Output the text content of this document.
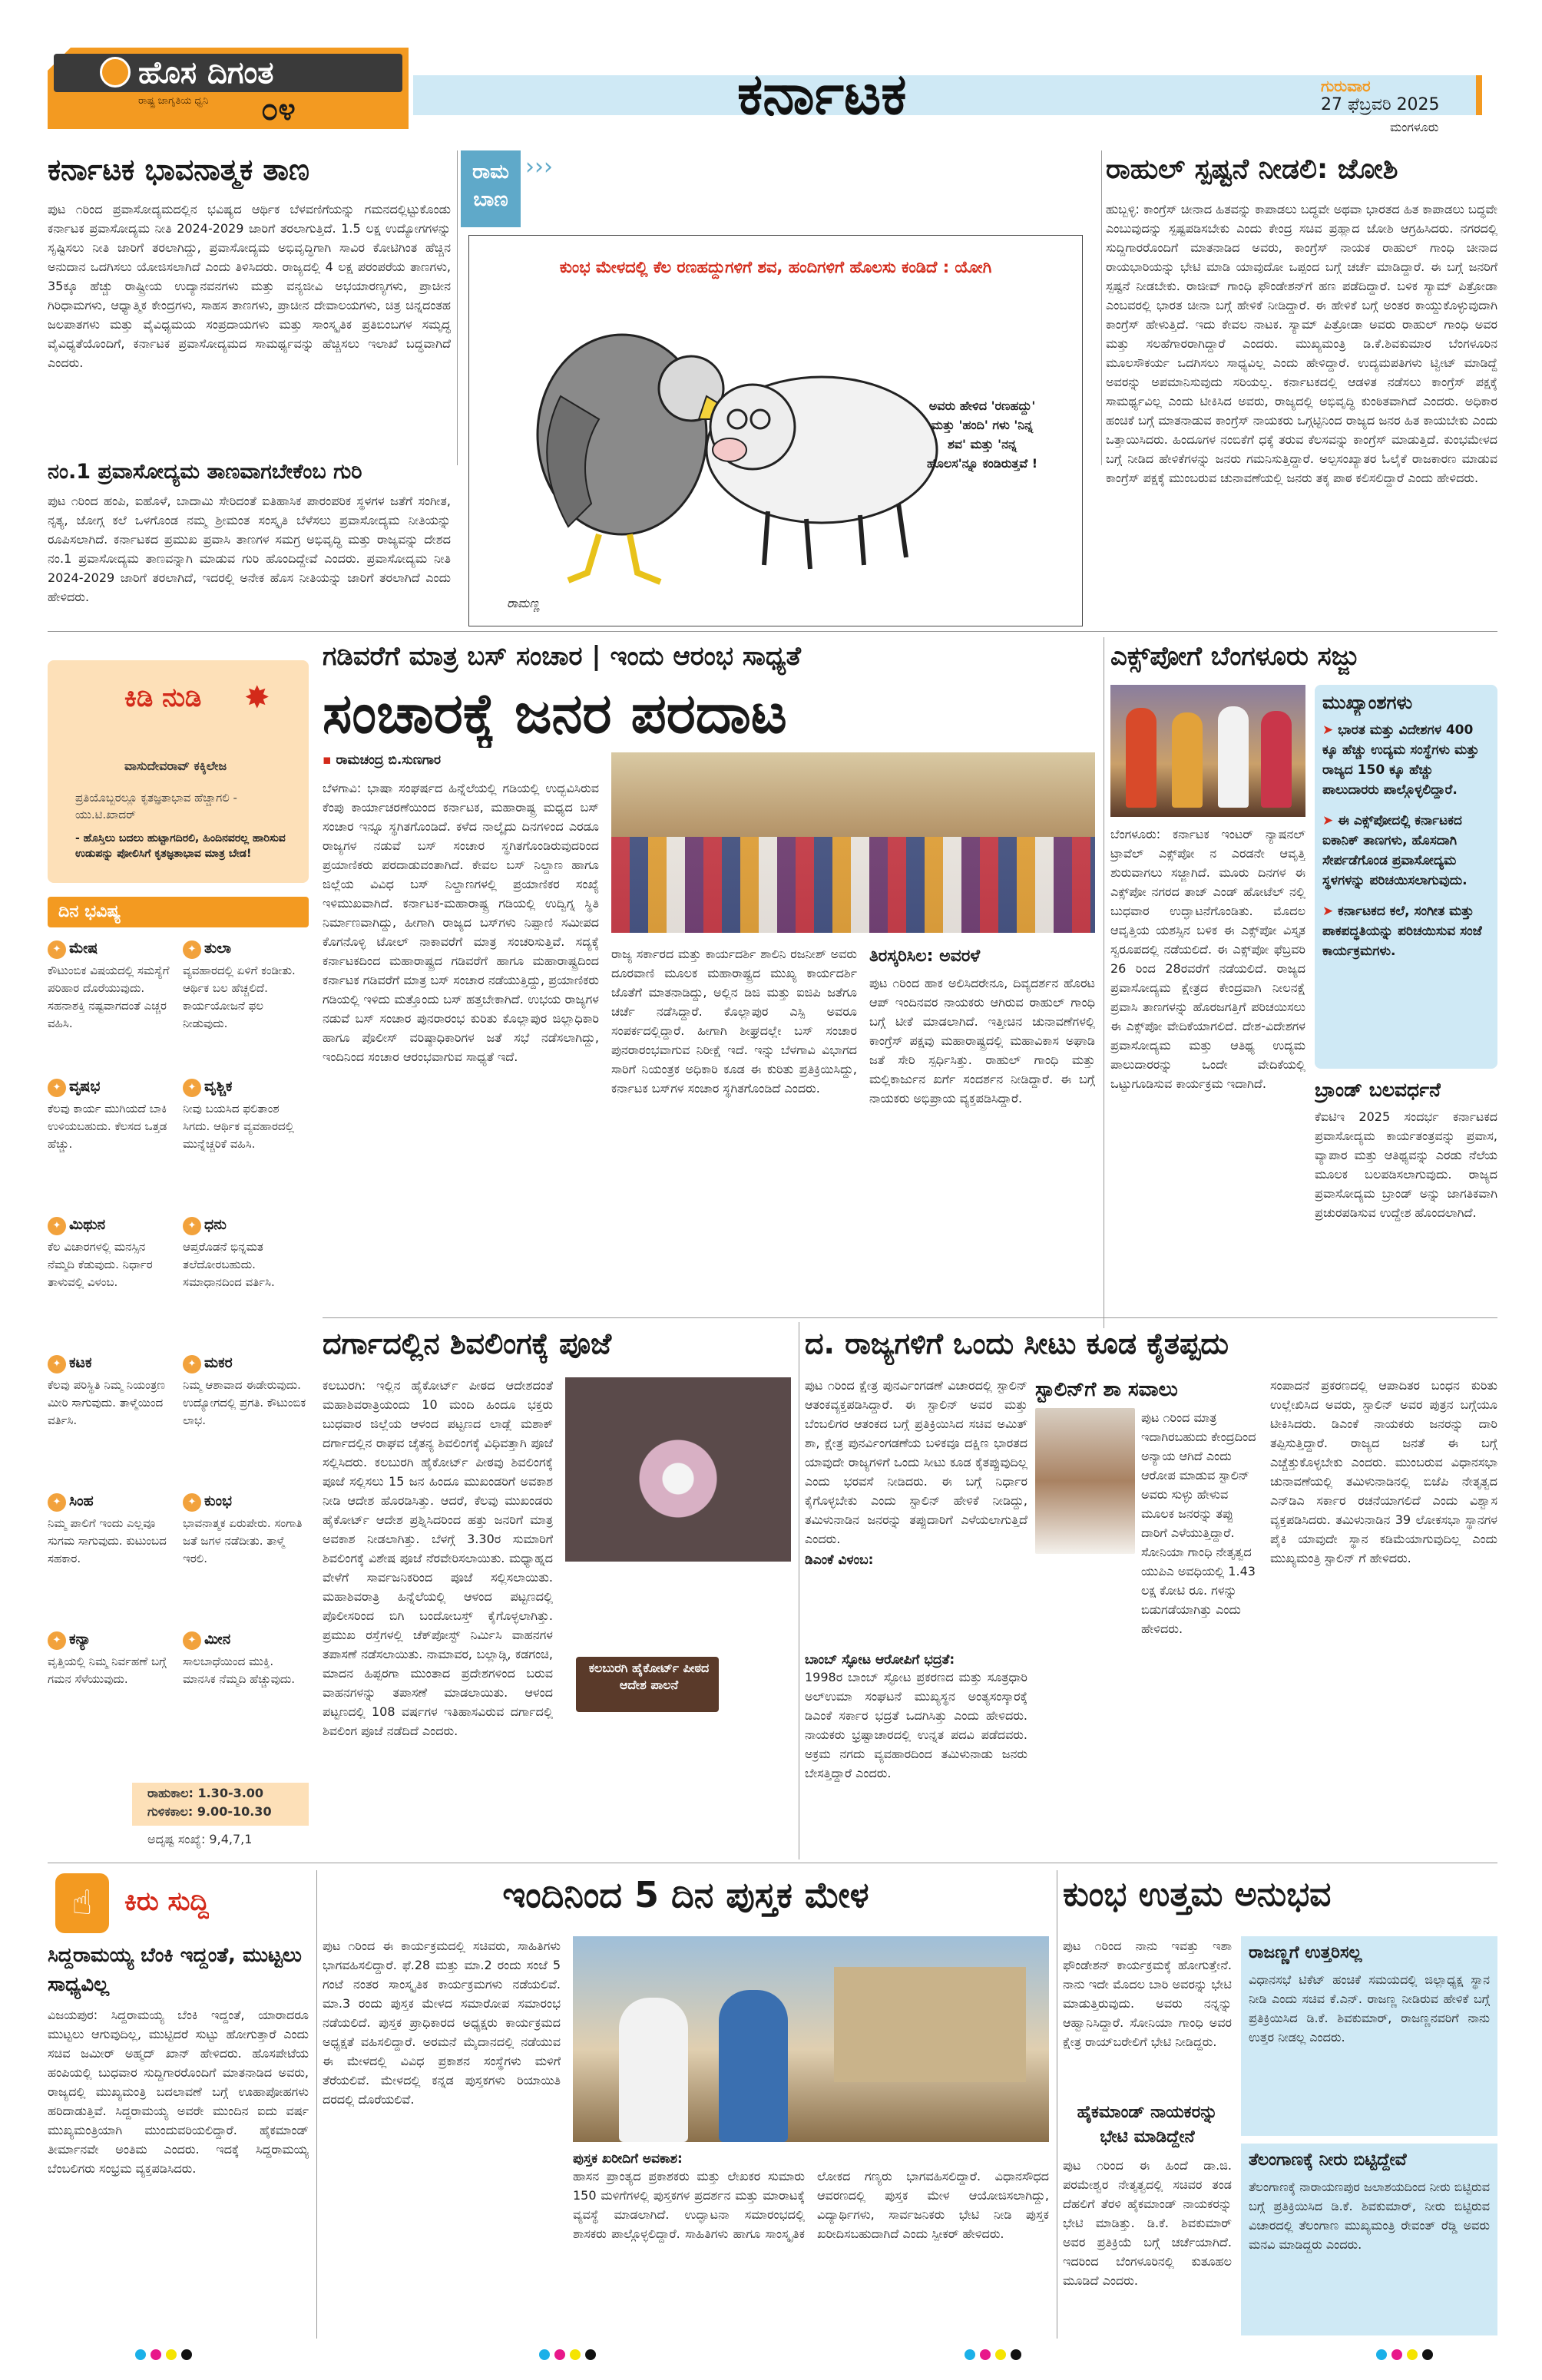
ಹೊಸ ದಿಗಂತ
ರಾಷ್ಟ್ರ ಜಾಗೃತಿಯ ಧ್ವನಿ ೦೪	ಕರ್ನಾಟಕ	ಗುರುವಾರ
27 ಫೆಬ್ರವರಿ 2025
ಮಂಗಳೂರು
ಕರ್ನಾಟಕ ಭಾವನಾತ್ಮಕ ತಾಣ
ಪುಟ ೧ರಿಂದ ಪ್ರವಾಸೋದ್ಯಮದಲ್ಲಿನ ಭವಿಷ್ಯದ ಆರ್ಥಿಕ ಬೆಳವಣಿಗೆಯನ್ನು ಗಮನದಲ್ಲಿಟ್ಟುಕೊಂಡು ಕರ್ನಾಟಕ ಪ್ರವಾಸೋದ್ಯಮ ನೀತಿ 2024-2029 ಜಾರಿಗೆ ತರಲಾಗುತ್ತಿದೆ. 1.5 ಲಕ್ಷ ಉದ್ಯೋಗಗಳನ್ನು ಸೃಷ್ಟಿಸಲು ನೀತಿ ಜಾರಿಗೆ ತರಲಾಗಿದ್ದು, ಪ್ರವಾಸೋದ್ಯಮ ಅಭಿವೃದ್ಧಿಗಾಗಿ ಸಾವಿರ ಕೋಟಿಗಿಂತ ಹೆಚ್ಚಿನ ಅನುದಾನ ಒದಗಿಸಲು ಯೋಜಿಸಲಾಗಿದೆ ಎಂದು ತಿಳಿಸಿದರು. ರಾಜ್ಯದಲ್ಲಿ 4 ಲಕ್ಷ ಪರಂಪರೆಯ ತಾಣಗಳು, 35ಕ್ಕೂ ಹೆಚ್ಚು ರಾಷ್ಟ್ರೀಯ ಉದ್ಯಾನವನಗಳು ಮತ್ತು ವನ್ಯಜೀವಿ ಅಭಯಾರಣ್ಯಗಳು, ಪ್ರಾಚೀನ ಗಿರಿಧಾಮಗಳು, ಆಧ್ಯಾತ್ಮಿಕ ಕೇಂದ್ರಗಳು, ಸಾಹಸ ತಾಣಗಳು, ಪ್ರಾಚೀನ ದೇವಾಲಯಗಳು, ಚಿತ್ರ ಚಿನ್ನದಂತಹ ಜಲಪಾತಗಳು ಮತ್ತು ವೈವಿಧ್ಯಮಯ ಸಂಪ್ರದಾಯಗಳು ಮತ್ತು ಸಾಂಸ್ಕೃತಿಕ ಪ್ರತಿಬಿಂಬಗಳ ಸಮೃದ್ಧ ವೈವಿಧ್ಯತೆಯೊಂದಿಗೆ, ಕರ್ನಾಟಕ ಪ್ರವಾಸೋದ್ಯಮದ ಸಾಮರ್ಥ್ಯವನ್ನು ಹೆಚ್ಚಿಸಲು ಇಲಾಖೆ ಬದ್ಧವಾಗಿದೆ ಎಂದರು.
ನಂ.1 ಪ್ರವಾಸೋದ್ಯಮ ತಾಣವಾಗಬೇಕೆಂಬ ಗುರಿ
ಪುಟ ೧ರಿಂದ ಹಂಪಿ, ಐಹೊಳೆ, ಬಾದಾಮಿ ಸೇರಿದಂತೆ ಐತಿಹಾಸಿಕ ಪಾರಂಪರಿಕ ಸ್ಥಳಗಳ ಜತೆಗೆ ಸಂಗೀತ, ನೃತ್ಯ, ಜೋಗ್ಗ ಕಲೆ ಒಳಗೊಂಡ ನಮ್ಮ ಶ್ರೀಮಂತ ಸಂಸ್ಕೃತಿ ಬೆಳೆಸಲು ಪ್ರವಾಸೋದ್ಯಮ ನೀತಿಯನ್ನು ರೂಪಿಸಲಾಗಿದೆ. ಕರ್ನಾಟಕದ ಪ್ರಮುಖ ಪ್ರವಾಸಿ ತಾಣಗಳ ಸಮಗ್ರ ಅಭಿವೃದ್ಧಿ ಮತ್ತು ರಾಜ್ಯವನ್ನು ದೇಶದ ನಂ.1 ಪ್ರವಾಸೋದ್ಯಮ ತಾಣವನ್ನಾಗಿ ಮಾಡುವ ಗುರಿ ಹೊಂದಿದ್ದೇವೆ ಎಂದರು. ಪ್ರವಾಸೋದ್ಯಮ ನೀತಿ 2024-2029 ಜಾರಿಗೆ ತರಲಾಗಿದೆ, ಇದರಲ್ಲಿ ಅನೇಕ ಹೊಸ ನೀತಿಯನ್ನು ಜಾರಿಗೆ ತರಲಾಗಿದೆ ಎಂದು ಹೇಳಿದರು.
ರಾಮ ಬಾಣ
›››
ಕುಂಭ ಮೇಳದಲ್ಲಿ ಕೆಲ ರಣಹದ್ದುಗಳಿಗೆ ಶವ, ಹಂದಿಗಳಿಗೆ ಹೊಲಸು ಕಂಡಿದೆ : ಯೋಗಿ
ಅವರು ಹೇಳಿದ 'ರಣಹದ್ದು' ಮತ್ತು 'ಹಂದಿ' ಗಳು 'ನಿನ್ನ ಶವ' ಮತ್ತು 'ನನ್ನ ಹೊಲಸ'ನ್ನೂ ಕಂಡಿರುತ್ತವೆ !
ರಾಮಣ್ಣ
ರಾಹುಲ್ ಸ್ಪಷ್ಟನೆ ನೀಡಲಿ: ಜೋಶಿ
ಹುಬ್ಬಳ್ಳಿ: ಕಾಂಗ್ರೆಸ್ ಚೀನಾದ ಹಿತವನ್ನು ಕಾಪಾಡಲು ಬದ್ಧವೇ ಅಥವಾ ಭಾರತದ ಹಿತ ಕಾಪಾಡಲು ಬದ್ಧವೇ ಎಂಬುವುದನ್ನು ಸ್ಪಷ್ಟಪಡಿಸಬೇಕು ಎಂದು ಕೇಂದ್ರ ಸಚಿವ ಪ್ರಹ್ಲಾದ ಜೋಶಿ ಆಗ್ರಹಿಸಿದರು. ನಗರದಲ್ಲಿ ಸುದ್ದಿಗಾರರೊಂದಿಗೆ ಮಾತನಾಡಿದ ಅವರು, ಕಾಂಗ್ರೆಸ್ ನಾಯಕ ರಾಹುಲ್ ಗಾಂಧಿ ಚೀನಾದ ರಾಯಭಾರಿಯನ್ನು ಭೇಟಿ ಮಾಡಿ ಯಾವುದೋ ಒಪ್ಪಂದ ಬಗ್ಗೆ ಚರ್ಚೆ ಮಾಡಿದ್ದಾರೆ. ಈ ಬಗ್ಗೆ ಜನರಿಗೆ ಸ್ಪಷ್ಟನೆ ನೀಡಬೇಕು. ರಾಜೀವ್ ಗಾಂಧಿ ಫೌಂಡೇಶನ್‌ಗೆ ಹಣ ಪಡೆದಿದ್ದಾರೆ. ಬಳಿಕ ಸ್ಯಾಮ್ ಪಿತ್ರೋಡಾ ಎಂಬವರಲ್ಲಿ ಭಾರತ ಚೀನಾ ಬಗ್ಗೆ ಹೇಳಿಕೆ ನೀಡಿದ್ದಾರೆ. ಈ ಹೇಳಿಕೆ ಬಗ್ಗೆ ಅಂತರ ಕಾಯ್ದುಕೊಳ್ಳುವುದಾಗಿ ಕಾಂಗ್ರೆಸ್ ಹೇಳುತ್ತಿದೆ. ಇದು ಕೇವಲ ನಾಟಕ. ಸ್ಯಾಮ್ ಪಿತ್ರೋಡಾ ಅವರು ರಾಹುಲ್ ಗಾಂಧಿ ಅವರ ಮತ್ತು ಸಲಹೆಗಾರರಾಗಿದ್ದಾರೆ ಎಂದರು. ಮುಖ್ಯಮಂತ್ರಿ ಡಿ.ಕೆ.ಶಿವಕುಮಾರ ಬೆಂಗಳೂರಿನ ಮೂಲಸೌಕರ್ಯ ಒದಗಿಸಲು ಸಾಧ್ಯವಿಲ್ಲ ಎಂದು ಹೇಳಿದ್ದಾರೆ. ಉದ್ಯಮಪತಿಗಳು ಟ್ವೀಟ್ ಮಾಡಿದ್ದೆ ಅವರನ್ನು ಅಪಮಾನಿಸುವುದು ಸರಿಯಲ್ಲ. ಕರ್ನಾಟಕದಲ್ಲಿ ಆಡಳಿತ ನಡೆಸಲು ಕಾಂಗ್ರೆಸ್ ಪಕ್ಷಕ್ಕೆ ಸಾಮರ್ಥ್ಯವಿಲ್ಲ ಎಂದು ಟೀಕಿಸಿದ ಅವರು, ರಾಜ್ಯದಲ್ಲಿ ಅಭಿವೃದ್ಧಿ ಕುಂಠಿತವಾಗಿದೆ ಎಂದರು. ಅಧಿಕಾರ ಹಂಚಿಕೆ ಬಗ್ಗೆ ಮಾತನಾಡುವ ಕಾಂಗ್ರೆಸ್ ನಾಯಕರು ಒಗ್ಗಟ್ಟಿನಿಂದ ರಾಜ್ಯದ ಜನರ ಹಿತ ಕಾಯಬೇಕು ಎಂದು ಒತ್ತಾಯಿಸಿದರು. ಹಿಂದೂಗಳ ನಂಬಿಕೆಗೆ ಧಕ್ಕೆ ತರುವ ಕೆಲಸವನ್ನು ಕಾಂಗ್ರೆಸ್ ಮಾಡುತ್ತಿದೆ. ಕುಂಭಮೇಳದ ಬಗ್ಗೆ ನೀಡಿದ ಹೇಳಿಕೆಗಳನ್ನು ಜನರು ಗಮನಿಸುತ್ತಿದ್ದಾರೆ. ಅಲ್ಪಸಂಖ್ಯಾತರ ಓಲೈಕೆ ರಾಜಕಾರಣ ಮಾಡುವ ಕಾಂಗ್ರೆಸ್ ಪಕ್ಷಕ್ಕೆ ಮುಂಬರುವ ಚುನಾವಣೆಯಲ್ಲಿ ಜನರು ತಕ್ಕ ಪಾಠ ಕಲಿಸಲಿದ್ದಾರೆ ಎಂದು ಹೇಳಿದರು.
✸
ಕಿಡಿ ನುಡಿ
ವಾಸುದೇವರಾವ್ ಕಕ್ಕಿಲೇಜ
ಪ್ರತಿಯೊಬ್ಬರಲ್ಲೂ ಕೃತಜ್ಞತಾಭಾವ ಹೆಚ್ಚಾಗಲಿ - ಯು.ಟಿ.ಖಾದರ್
- ಹೊಸ್ತಿಲು ಬದಲು ಹುಟ್ಟಾಗದಿರಲಿ, ಹಿಂದಿನವರಲ್ಲ ಹಾರಿಸುವ ಉಡುಪನ್ನು ಪೋಲಿಸಿಗೆ ಕೃತಜ್ಞತಾಭಾವ ಮಾತ್ರ ಬೇಡ!
ದಿನ ಭವಿಷ್ಯ
✦ ಮೇಷ
ಕೌಟುಂಬಿಕ ವಿಷಯದಲ್ಲಿ ಸಮಸ್ಯೆಗೆ ಪರಿಹಾರ ದೊರೆಯುವುದು. ಸಹನಾಶಕ್ತಿ ನಷ್ಟವಾಗದಂತೆ ಎಚ್ಚರ ವಹಿಸಿ.
✦ ತುಲಾ
ವ್ಯವಹಾರದಲ್ಲಿ ಏಳಿಗೆ ಕಂಡೀತು. ಆರ್ಥಿಕ ಬಲ ಹೆಚ್ಚಲಿದೆ. ಕಾರ್ಯಯೋಜನೆ ಫಲ ನೀಡುವುದು.
✦ ವೃಷಭ
ಕೆಲವು ಕಾರ್ಯ ಮುಗಿಯದೆ ಬಾಕಿ ಉಳಿಯಬಹುದು. ಕೆಲಸದ ಒತ್ತಡ ಹೆಚ್ಚು.
✦ ವೃಶ್ಚಿಕ
ನೀವು ಬಯಸಿದ ಫಲಿತಾಂಶ ಸಿಗದು. ಆರ್ಥಿಕ ವ್ಯವಹಾರದಲ್ಲಿ ಮುನ್ನೆಚ್ಚರಿಕೆ ವಹಿಸಿ.
✦ ಮಿಥುನ
ಕೆಲ ವಿಚಾರಗಳಲ್ಲಿ ಮನಸ್ಸಿನ ನೆಮ್ಮದಿ ಕೆಡುವುದು. ನಿರ್ಧಾರ ತಾಳುವಲ್ಲಿ ವಿಳಂಬ.
✦ ಧನು
ಆಪ್ತರೊಡನೆ ಭಿನ್ನಮತ ತಲೆದೋರಬಹುದು. ಸಮಾಧಾನದಿಂದ ವರ್ತಿಸಿ.
✦ ಕಟಕ
ಕೆಲವು ಪರಿಸ್ಥಿತಿ ನಿಮ್ಮ ನಿಯಂತ್ರಣ ಮೀರಿ ಸಾಗುವುದು. ತಾಳ್ಮೆಯಿಂದ ವರ್ತಿಸಿ.
✦ ಮಕರ
ನಿಮ್ಮ ಆಶಾವಾದ ಈಡೇರುವುದು. ಉದ್ಯೋಗದಲ್ಲಿ ಪ್ರಗತಿ. ಕೌಟುಂಬಿಕ ಲಾಭ.
✦ ಸಿಂಹ
ನಿಮ್ಮ ಪಾಲಿಗೆ ಇಂದು ಎಲ್ಲವೂ ಸುಗಮ ಸಾಗುವುದು. ಕುಟುಂಬದ ಸಹಕಾರ.
✦ ಕುಂಭ
ಭಾವನಾತ್ಮಕ ಏರುಪೇರು. ಸಂಗಾತಿ ಜತೆ ಜಗಳ ನಡೆದೀತು. ತಾಳ್ಮೆ ಇರಲಿ.
✦ ಕನ್ಯಾ
ವೃತ್ತಿಯಲ್ಲಿ ನಿಮ್ಮ ನಿರ್ವಹಣೆ ಬಗ್ಗೆ ಗಮನ ಸೆಳೆಯುವುದು.
✦ ಮೀನ
ಸಾಲಬಾಧೆಯಿಂದ ಮುಕ್ತಿ. ಮಾನಸಿಕ ನೆಮ್ಮದಿ ಹೆಚ್ಚುವುದು.
ರಾಹುಕಾಲ: 1.30-3.00
ಗುಳಿಕಕಾಲ: 9.00-10.30
ಅದೃಷ್ಟ ಸಂಖ್ಯೆ: 9,4,7,1
ಗಡಿವರೆಗೆ ಮಾತ್ರ ಬಸ್ ಸಂಚಾರ | ಇಂದು ಆರಂಭ ಸಾಧ್ಯತೆ
ಸಂಚಾರಕ್ಕೆ ಜನರ ಪರದಾಟ
▪ ರಾಮಚಂದ್ರ ಬಿ.ಸುಣಗಾರ
ಬೆಳಗಾವಿ: ಭಾಷಾ ಸಂಘರ್ಷದ ಹಿನ್ನೆಲೆಯಲ್ಲಿ ಗಡಿಯಲ್ಲಿ ಉದ್ಭವಿಸಿರುವ ಕೆಂಪು ಕಾರ್ಯಾಚರಣೆಯಿಂದ ಕರ್ನಾಟಕ, ಮಹಾರಾಷ್ಟ್ರ ಮಧ್ಯದ ಬಸ್ ಸಂಚಾರ ಇನ್ನೂ ಸ್ಥಗಿತಗೊಂಡಿದೆ. ಕಳೆದ ನಾಲ್ಕೈದು ದಿನಗಳಿಂದ ಎರಡೂ ರಾಜ್ಯಗಳ ನಡುವೆ ಬಸ್ ಸಂಚಾರ ಸ್ಥಗಿತಗೊಂಡಿರುವುದರಿಂದ ಪ್ರಯಾಣಿಕರು ಪರದಾಡುವಂತಾಗಿದೆ. ಕೇವಲ ಬಸ್ ನಿಲ್ದಾಣ ಹಾಗೂ ಜಿಲ್ಲೆಯ ವಿವಿಧ ಬಸ್ ನಿಲ್ದಾಣಗಳಲ್ಲಿ ಪ್ರಯಾಣಿಕರ ಸಂಖ್ಯೆ ಇಳಿಮುಖವಾಗಿದೆ. ಕರ್ನಾಟಕ-ಮಹಾರಾಷ್ಟ್ರ ಗಡಿಯಲ್ಲಿ ಉದ್ವಿಗ್ನ ಸ್ಥಿತಿ ನಿರ್ಮಾಣವಾಗಿದ್ದು, ಹೀಗಾಗಿ ರಾಜ್ಯದ ಬಸ್‌ಗಳು ನಿಪ್ಪಾಣಿ ಸಮೀಪದ ಕೊಗನೊಳ್ಳಿ ಟೋಲ್ ನಾಕಾವರೆಗೆ ಮಾತ್ರ ಸಂಚರಿಸುತ್ತಿವೆ. ಸದ್ಯಕ್ಕೆ ಕರ್ನಾಟಕದಿಂದ ಮಹಾರಾಷ್ಟ್ರದ ಗಡಿವರೆಗೆ ಹಾಗೂ ಮಹಾರಾಷ್ಟ್ರದಿಂದ ಕರ್ನಾಟಕ ಗಡಿವರೆಗೆ ಮಾತ್ರ ಬಸ್ ಸಂಚಾರ ನಡೆಯುತ್ತಿದ್ದು, ಪ್ರಯಾಣಿಕರು ಗಡಿಯಲ್ಲಿ ಇಳಿದು ಮತ್ತೊಂದು ಬಸ್ ಹತ್ತಬೇಕಾಗಿದೆ. ಉಭಯ ರಾಜ್ಯಗಳ ನಡುವೆ ಬಸ್ ಸಂಚಾರ ಪುನರಾರಂಭ ಕುರಿತು ಕೊಲ್ಲಾಪುರ ಜಿಲ್ಲಾಧಿಕಾರಿ ಹಾಗೂ ಪೊಲೀಸ್ ವರಿಷ್ಠಾಧಿಕಾರಿಗಳ ಜತೆ ಸಭೆ ನಡೆಸಲಾಗಿದ್ದು, ಇಂದಿನಿಂದ ಸಂಚಾರ ಆರಂಭವಾಗುವ ಸಾಧ್ಯತೆ ಇದೆ.
ರಾಜ್ಯ ಸರ್ಕಾರದ ಮತ್ತು ಕಾರ್ಯದರ್ಶಿ ಶಾಲಿನಿ ರಜನೀಶ್ ಅವರು ದೂರವಾಣಿ ಮೂಲಕ ಮಹಾರಾಷ್ಟ್ರದ ಮುಖ್ಯ ಕಾರ್ಯದರ್ಶಿ ಜೊತೆಗೆ ಮಾತನಾಡಿದ್ದು, ಅಲ್ಲಿನ ಡಿಜಿ ಮತ್ತು ಐಜಿಪಿ ಜತೆಗೂ ಚರ್ಚೆ ನಡೆಸಿದ್ದಾರೆ. ಕೊಲ್ಲಾಪುರ ಎಸ್ಪಿ ಅವರೂ ಸಂಪರ್ಕದಲ್ಲಿದ್ದಾರೆ. ಹೀಗಾಗಿ ಶೀಘ್ರದಲ್ಲೇ ಬಸ್ ಸಂಚಾರ ಪುನರಾರಂಭವಾಗುವ ನಿರೀಕ್ಷೆ ಇದೆ. ಇನ್ನು ಬೆಳಗಾವಿ ವಿಭಾಗದ ಸಾರಿಗೆ ನಿಯಂತ್ರಕ ಅಧಿಕಾರಿ ಕೂಡ ಈ ಕುರಿತು ಪ್ರತಿಕ್ರಿಯಿಸಿದ್ದು, ಕರ್ನಾಟಕ ಬಸ್‌ಗಳ ಸಂಚಾರ ಸ್ಥಗಿತಗೊಂಡಿದೆ ಎಂದರು.
ತಿರಸ್ಕರಿಸಿಲ: ಅವರಳೆ
ಪುಟ ೧ರಿಂದ ಹಾಕ ಅಲಿಸಿದರೇನೂ, ದಿವ್ಯದರ್ಶನ ಹೊರಟ ಆಪ್ ಇಂದಿನವರ ನಾಯಕರು ಆಗಿರುವ ರಾಹುಲ್ ಗಾಂಧಿ ಬಗ್ಗೆ ಟೀಕೆ ಮಾಡಲಾಗಿದೆ. ಇತ್ತೀಚಿನ ಚುನಾವಣೆಗಳಲ್ಲಿ ಕಾಂಗ್ರೆಸ್ ಪಕ್ಷವು ಮಹಾರಾಷ್ಟ್ರದಲ್ಲಿ ಮಹಾವಿಕಾಸ ಅಘಾಡಿ ಜತೆ ಸೇರಿ ಸ್ಪರ್ಧಿಸಿತ್ತು. ರಾಹುಲ್ ಗಾಂಧಿ ಮತ್ತು ಮಲ್ಲಿಕಾರ್ಜುನ ಖರ್ಗೆ ಸಂದರ್ಶನ ನೀಡಿದ್ದಾರೆ. ಈ ಬಗ್ಗೆ ನಾಯಕರು ಅಭಿಪ್ರಾಯ ವ್ಯಕ್ತಪಡಿಸಿದ್ದಾರೆ.
ಎಕ್ಸ್‌ಪೋಗೆ ಬೆಂಗಳೂರು ಸಜ್ಜು
ಮುಖ್ಯಾಂಶಗಳು
➤ ಭಾರತ ಮತ್ತು ವಿದೇಶಗಳ 400 ಕ್ಕೂ ಹೆಚ್ಚು ಉದ್ಯಮ ಸಂಸ್ಥೆಗಳು ಮತ್ತು ರಾಜ್ಯದ 150 ಕ್ಕೂ ಹೆಚ್ಚು ಪಾಲುದಾರರು ಪಾಲ್ಗೊಳ್ಳಲಿದ್ದಾರೆ.
➤ ಈ ಎಕ್ಸ್‌ಪೋದಲ್ಲಿ ಕರ್ನಾಟಕದ ಐಕಾನಿಕ್ ತಾಣಗಳು, ಹೊಸದಾಗಿ ಸೇರ್ಪಡೆಗೊಂಡ ಪ್ರವಾಸೋದ್ಯಮ ಸ್ಥಳಗಳನ್ನು ಪರಿಚಯಿಸಲಾಗುವುದು.
➤ ಕರ್ನಾಟಕದ ಕಲೆ, ಸಂಗೀತ ಮತ್ತು ಪಾಕಪದ್ಧತಿಯನ್ನು ಪರಿಚಯಿಸುವ ಸಂಜೆ ಕಾರ್ಯಕ್ರಮಗಳು.
ಬೆಂಗಳೂರು: ಕರ್ನಾಟಕ ಇಂಟರ್ ನ್ಯಾಷನಲ್ ಟ್ರಾವೆಲ್ ಎಕ್ಸ್‌ಪೋ ನ ಎರಡನೇ ಆವೃತ್ತಿ ಶುರುವಾಗಲು ಸಜ್ಜಾಗಿದೆ. ಮೂರು ದಿನಗಳ ಈ ಎಕ್ಸ್‌ಪೋ ನಗರದ ತಾಜ್ ಎಂಡ್ ಹೋಟೆಲ್ ನಲ್ಲಿ ಬುಧವಾರ ಉದ್ಘಾಟನೆಗೊಂಡಿತು. ಮೊದಲ ಆವೃತ್ತಿಯ ಯಶಸ್ಸಿನ ಬಳಿಕ ಈ ಎಕ್ಸ್‌ಪೋ ವಿಸ್ತೃತ ಸ್ವರೂಪದಲ್ಲಿ ನಡೆಯಲಿದೆ. ಈ ಎಕ್ಸ್‌ಪೋ ಫೆಬ್ರವರಿ 26 ರಿಂದ 28ರವರೆಗೆ ನಡೆಯಲಿದೆ. ರಾಜ್ಯದ ಪ್ರವಾಸೋದ್ಯಮ ಕ್ಷೇತ್ರದ ಕೇಂದ್ರವಾಗಿ ನೀಲನಕ್ಷೆ ಪ್ರವಾಸಿ ತಾಣಗಳನ್ನು ಹೊರಜಗತ್ತಿಗೆ ಪರಿಚಯಿಸಲು ಈ ಎಕ್ಸ್‌ಪೋ ವೇದಿಕೆಯಾಗಲಿದೆ. ದೇಶ-ವಿದೇಶಗಳ ಪ್ರವಾಸೋದ್ಯಮ ಮತ್ತು ಆತಿಥ್ಯ ಉದ್ಯಮ ಪಾಲುದಾರರನ್ನು ಒಂದೇ ವೇದಿಕೆಯಲ್ಲಿ ಒಟ್ಟುಗೂಡಿಸುವ ಕಾರ್ಯಕ್ರಮ ಇದಾಗಿದೆ.	ಬ್ರಾಂಡ್ ಬಲವರ್ಧನೆ
ಕೆಐಟಿಇ 2025 ಸಂದರ್ಭ ಕರ್ನಾಟಕದ ಪ್ರವಾಸೋದ್ಯಮ ಕಾರ್ಯತಂತ್ರವನ್ನು ಪ್ರವಾಸ, ವ್ಯಾಪಾರ ಮತ್ತು ಆತಿಥ್ಯವನ್ನು ಎರಡು ನೆಲೆಯ ಮೂಲಕ ಬಲಪಡಿಸಲಾಗುವುದು. ರಾಜ್ಯದ ಪ್ರವಾಸೋದ್ಯಮ ಬ್ರಾಂಡ್ ಅನ್ನು ಜಾಗತಿಕವಾಗಿ ಪ್ರಚುರಪಡಿಸುವ ಉದ್ದೇಶ ಹೊಂದಲಾಗಿದೆ.
ದರ್ಗಾದಲ್ಲಿನ ಶಿವಲಿಂಗಕ್ಕೆ ಪೂಜೆ
ಕಲಬುರಗಿ: ಇಲ್ಲಿನ ಹೈಕೋರ್ಟ್ ಪೀಠದ ಆದೇಶದಂತೆ ಮಹಾಶಿವರಾತ್ರಿಯಂದು 10 ಮಂದಿ ಹಿಂದೂ ಭಕ್ತರು ಬುಧವಾರ ಜಿಲ್ಲೆಯ ಆಳಂದ ಪಟ್ಟಣದ ಲಾಡ್ಲೆ ಮಶಾಕ್ ದರ್ಗಾದಲ್ಲಿನ ರಾಘವ ಚೈತನ್ಯ ಶಿವಲಿಂಗಕ್ಕೆ ವಿಧಿವತ್ತಾಗಿ ಪೂಜೆ ಸಲ್ಲಿಸಿದರು. ಕಲಬುರಗಿ ಹೈಕೋರ್ಟ್ ಪೀಠವು ಶಿವಲಿಂಗಕ್ಕೆ ಪೂಜೆ ಸಲ್ಲಿಸಲು 15 ಜನ ಹಿಂದೂ ಮುಖಂಡರಿಗೆ ಅವಕಾಶ ನೀಡಿ ಆದೇಶ ಹೊರಡಿಸಿತ್ತು. ಆದರೆ, ಕೆಲವು ಮುಖಂಡರು ಹೈಕೋರ್ಟ್ ಆದೇಶ ಪ್ರಶ್ನಿಸಿದರಿಂದ ಹತ್ತು ಜನರಿಗೆ ಮಾತ್ರ ಅವಕಾಶ ನೀಡಲಾಗಿತ್ತು. ಬೆಳಗ್ಗೆ 3.30ರ ಸುಮಾರಿಗೆ ಶಿವಲಿಂಗಕ್ಕೆ ವಿಶೇಷ ಪೂಜೆ ನೆರವೇರಿಸಲಾಯಿತು. ಮಧ್ಯಾಹ್ನದ ವೇಳೆಗೆ ಸಾರ್ವಜನಿಕರಿಂದ ಪೂಜೆ ಸಲ್ಲಿಸಲಾಯಿತು. ಮಹಾಶಿವರಾತ್ರಿ ಹಿನ್ನೆಲೆಯಲ್ಲಿ ಆಳಂದ ಪಟ್ಟಣದಲ್ಲಿ ಪೊಲೀಸರಿಂದ ಬಿಗಿ ಬಂದೋಬಸ್ತ್ ಕೈಗೊಳ್ಳಲಾಗಿತ್ತು. ಪ್ರಮುಖ ರಸ್ತೆಗಳಲ್ಲಿ ಚೆಕ್‌ಪೋಸ್ಟ್ ನಿರ್ಮಿಸಿ ವಾಹನಗಳ ತಪಾಸಣೆ ನಡೆಸಲಾಯಿತು. ನಾಮಾವರ, ಬಲ್ಲಾಡ್ಗಿ, ಕಡಗಂಚಿ, ಮಾದನ ಹಿಪ್ಪರಗಾ ಮುಂತಾದ ಪ್ರದೇಶಗಳಿಂದ ಬರುವ ವಾಹನಗಳನ್ನು ತಪಾಸಣೆ ಮಾಡಲಾಯಿತು. ಆಳಂದ ಪಟ್ಟಣದಲ್ಲಿ 108 ವರ್ಷಗಳ ಇತಿಹಾಸವಿರುವ ದರ್ಗಾದಲ್ಲಿ ಶಿವಲಿಂಗ ಪೂಜೆ ನಡೆದಿದೆ ಎಂದರು.
ಕಲಬುರಗಿ ಹೈಕೋರ್ಟ್ ಪೀಠದ ಆದೇಶ ಪಾಲನೆ
ದ. ರಾಜ್ಯಗಳಿಗೆ ಒಂದು ಸೀಟು ಕೂಡ ಕೈತಪ್ಪದು
ಪುಟ ೧ರಿಂದ ಕ್ಷೇತ್ರ ಪುನರ್ವಿಂಗಡಣೆ ವಿಚಾರದಲ್ಲಿ ಸ್ಟಾಲಿನ್ ಆತಂಕವ್ಯಕ್ತಪಡಿಸಿದ್ದಾರೆ. ಈ ಸ್ಟಾಲಿನ್ ಅವರ ಮತ್ತು ಬೆಂಬಲಿಗರ ಆತಂಕದ ಬಗ್ಗೆ ಪ್ರತಿಕ್ರಿಯಿಸಿದ ಸಚಿವ ಅಮಿತ್ ಶಾ, ಕ್ಷೇತ್ರ ಪುನರ್ವಿಂಗಡಣೆಯ ಬಳಿಕವೂ ದಕ್ಷಿಣ ಭಾರತದ ಯಾವುದೇ ರಾಜ್ಯಗಳಿಗೆ ಒಂದು ಸೀಟು ಕೂಡ ಕೈತಪ್ಪುವುದಿಲ್ಲ ಎಂದು ಭರವಸೆ ನೀಡಿದರು. ಈ ಬಗ್ಗೆ ನಿರ್ಧಾರ ಕೈಗೊಳ್ಳಬೇಕು ಎಂದು ಸ್ಟಾಲಿನ್ ಹೇಳಿಕೆ ನೀಡಿದ್ದು, ತಮಿಳುನಾಡಿನ ಜನರನ್ನು ತಪ್ಪುದಾರಿಗೆ ಎಳೆಯಲಾಗುತ್ತಿದೆ ಎಂದರು.
ಡಿಎಂಕೆ ವಿಳಂಬ:
ಬಾಂಬ್ ಸ್ಫೋಟ ಆರೋಪಿಗೆ ಭದ್ರತೆ:
1998ರ ಬಾಂಬ್ ಸ್ಫೋಟ ಪ್ರಕರಣದ ಮತ್ತು ಸೂತ್ರಧಾರಿ ಅಲ್‌ಉಮಾ ಸಂಘಟನೆ ಮುಖ್ಯಸ್ಥನ ಅಂತ್ಯಸಂಸ್ಕಾರಕ್ಕೆ ಡಿಎಂಕೆ ಸರ್ಕಾರ ಭದ್ರತೆ ಒದಗಿಸಿತ್ತು ಎಂದು ಹೇಳಿದರು. ನಾಯಕರು ಭ್ರಷ್ಟಾಚಾರದಲ್ಲಿ ಉನ್ನತ ಪದವಿ ಪಡೆದವರು. ಅಕ್ರಮ ನಗದು ವ್ಯವಹಾರದಿಂದ ತಮಿಳುನಾಡು ಜನರು ಬೇಸತ್ತಿದ್ದಾರೆ ಎಂದರು.
ಸ್ಟಾಲಿನ್‌ಗೆ ಶಾ ಸವಾಲು
ಪುಟ ೧ರಿಂದ ಮಾತ್ರ ಇದಾಗಿರಬಹುದು ಕೇಂದ್ರದಿಂದ ಅನ್ಯಾಯ ಆಗಿದೆ ಎಂದು ಆರೋಪ ಮಾಡುವ ಸ್ಟಾಲಿನ್ ಅವರು ಸುಳ್ಳು ಹೇಳುವ ಮೂಲಕ ಜನರನ್ನು ತಪ್ಪು ದಾರಿಗೆ ಎಳೆಯುತ್ತಿದ್ದಾರೆ. ಸೋನಿಯಾ ಗಾಂಧಿ ನೇತೃತ್ವದ ಯುಪಿಎ ಅವಧಿಯಲ್ಲಿ 1.43 ಲಕ್ಷ ಕೋಟಿ ರೂ. ಗಳನ್ನು ಬಿಡುಗಡೆಯಾಗಿತ್ತು ಎಂದು ಹೇಳಿದರು.
ಸಂಪಾದನೆ ಪ್ರಕರಣದಲ್ಲಿ ಆಪಾದಿತರ ಬಂಧನ ಕುರಿತು ಉಲ್ಲೇಖಿಸಿದ ಅವರು, ಸ್ಟಾಲಿನ್ ಅವರ ಪುತ್ರನ ಬಗ್ಗೆಯೂ ಟೀಕಿಸಿದರು. ಡಿಎಂಕೆ ನಾಯಕರು ಜನರನ್ನು ದಾರಿ ತಪ್ಪಿಸುತ್ತಿದ್ದಾರೆ. ರಾಜ್ಯದ ಜನತೆ ಈ ಬಗ್ಗೆ ಎಚ್ಚೆತ್ತುಕೊಳ್ಳಬೇಕು ಎಂದರು. ಮುಂಬರುವ ವಿಧಾನಸಭಾ ಚುನಾವಣೆಯಲ್ಲಿ ತಮಿಳುನಾಡಿನಲ್ಲಿ ಬಿಜೆಪಿ ನೇತೃತ್ವದ ಎನ್‌ಡಿಎ ಸರ್ಕಾರ ರಚನೆಯಾಗಲಿದೆ ಎಂದು ವಿಶ್ವಾಸ ವ್ಯಕ್ತಪಡಿಸಿದರು. ತಮಿಳುನಾಡಿನ 39 ಲೋಕಸಭಾ ಸ್ಥಾನಗಳ ಪೈಕಿ ಯಾವುದೇ ಸ್ಥಾನ ಕಡಿಮೆಯಾಗುವುದಿಲ್ಲ ಎಂದು ಮುಖ್ಯಮಂತ್ರಿ ಸ್ಟಾಲಿನ್ ಗೆ ಹೇಳಿದರು.
☝	ಕಿರು ಸುದ್ದಿ
ಸಿದ್ದರಾಮಯ್ಯ ಬೆಂಕಿ ಇದ್ದಂತೆ, ಮುಟ್ಟಲು ಸಾಧ್ಯವಿಲ್ಲ
ವಿಜಯಪುರ: ಸಿದ್ದರಾಮಯ್ಯ ಬೆಂಕಿ ಇದ್ದಂತೆ, ಯಾರಾದರೂ ಮುಟ್ಟಲು ಆಗುವುದಿಲ್ಲ, ಮುಟ್ಟಿದರೆ ಸುಟ್ಟು ಹೋಗುತ್ತಾರೆ ಎಂದು ಸಚಿವ ಜಮೀರ್ ಅಹ್ಮದ್ ಖಾನ್ ಹೇಳಿದರು. ಹೊಸಪೇಟೆಯ ಹಂಪಿಯಲ್ಲಿ ಬುಧವಾರ ಸುದ್ದಿಗಾರರೊಂದಿಗೆ ಮಾತನಾಡಿದ ಅವರು, ರಾಜ್ಯದಲ್ಲಿ ಮುಖ್ಯಮಂತ್ರಿ ಬದಲಾವಣೆ ಬಗ್ಗೆ ಊಹಾಪೋಹಗಳು ಹರಿದಾಡುತ್ತಿವೆ. ಸಿದ್ದರಾಮಯ್ಯ ಅವರೇ ಮುಂದಿನ ಐದು ವರ್ಷ ಮುಖ್ಯಮಂತ್ರಿಯಾಗಿ ಮುಂದುವರಿಯಲಿದ್ದಾರೆ. ಹೈಕಮಾಂಡ್ ತೀರ್ಮಾನವೇ ಅಂತಿಮ ಎಂದರು. ಇದಕ್ಕೆ ಸಿದ್ದರಾಮಯ್ಯ ಬೆಂಬಲಿಗರು ಸಂಭ್ರಮ ವ್ಯಕ್ತಪಡಿಸಿದರು.
ಇಂದಿನಿಂದ 5 ದಿನ ಪುಸ್ತಕ ಮೇಳ
ಪುಟ ೧ರಿಂದ ಈ ಕಾರ್ಯಕ್ರಮದಲ್ಲಿ ಸಚಿವರು, ಸಾಹಿತಿಗಳು ಭಾಗವಹಿಸಲಿದ್ದಾರೆ. ಫೆ.28 ಮತ್ತು ಮಾ.2 ರಂದು ಸಂಜೆ 5 ಗಂಟೆ ನಂತರ ಸಾಂಸ್ಕೃತಿಕ ಕಾರ್ಯಕ್ರಮಗಳು ನಡೆಯಲಿವೆ. ಮಾ.3 ರಂದು ಪುಸ್ತಕ ಮೇಳದ ಸಮಾರೋಪ ಸಮಾರಂಭ ನಡೆಯಲಿದೆ. ಪುಸ್ತಕ ಪ್ರಾಧಿಕಾರದ ಅಧ್ಯಕ್ಷರು ಕಾರ್ಯಕ್ರಮದ ಅಧ್ಯಕ್ಷತೆ ವಹಿಸಲಿದ್ದಾರೆ. ಅರಮನೆ ಮೈದಾನದಲ್ಲಿ ನಡೆಯುವ ಈ ಮೇಳದಲ್ಲಿ ವಿವಿಧ ಪ್ರಕಾಶನ ಸಂಸ್ಥೆಗಳು ಮಳಿಗೆ ತೆರೆಯಲಿವೆ. ಮೇಳದಲ್ಲಿ ಕನ್ನಡ ಪುಸ್ತಕಗಳು ರಿಯಾಯಿತಿ ದರದಲ್ಲಿ ದೊರೆಯಲಿವೆ.
ಪುಸ್ತಕ ಖರೀದಿಗೆ ಅವಕಾಶ:
ಹಾಸನ ಪ್ರಾಂತ್ಯದ ಪ್ರಕಾಶಕರು ಮತ್ತು ಲೇಖಕರ ಸುಮಾರು 150 ಮಳಿಗೆಗಳಲ್ಲಿ ಪುಸ್ತಕಗಳ ಪ್ರದರ್ಶನ ಮತ್ತು ಮಾರಾಟಕ್ಕೆ ವ್ಯವಸ್ಥೆ ಮಾಡಲಾಗಿದೆ. ಉದ್ಘಾಟನಾ ಸಮಾರಂಭದಲ್ಲಿ ಶಾಸಕರು ಪಾಲ್ಗೊಳ್ಳಲಿದ್ದಾರೆ. ಸಾಹಿತಿಗಳು ಹಾಗೂ ಸಾಂಸ್ಕೃತಿಕ ಲೋಕದ ಗಣ್ಯರು ಭಾಗವಹಿಸಲಿದ್ದಾರೆ. ವಿಧಾನಸೌಧದ ಆವರಣದಲ್ಲಿ ಪುಸ್ತಕ ಮೇಳ ಆಯೋಜಿಸಲಾಗಿದ್ದು, ವಿದ್ಯಾರ್ಥಿಗಳು, ಸಾರ್ವಜನಿಕರು ಭೇಟಿ ನೀಡಿ ಪುಸ್ತಕ ಖರೀದಿಸಬಹುದಾಗಿದೆ ಎಂದು ಸ್ಪೀಕರ್ ಹೇಳಿದರು.
ಕುಂಭ ಉತ್ತಮ ಅನುಭವ
ಪುಟ ೧ರಿಂದ ನಾನು ಇವತ್ತು ಇಶಾ ಫೌಂಡೇಶನ್ ಕಾರ್ಯಕ್ರಮಕ್ಕೆ ಹೋಗುತ್ತೇನೆ. ನಾನು ಇದೇ ಮೊದಲ ಬಾರಿ ಅವರನ್ನು ಭೇಟಿ ಮಾಡುತ್ತಿರುವುದು. ಅವರು ನನ್ನನ್ನು ಆಹ್ವಾನಿಸಿದ್ದಾರೆ. ಸೋನಿಯಾ ಗಾಂಧಿ ಅವರ ಕ್ಷೇತ್ರ ರಾಯ್‌ಬರೇಲಿಗೆ ಭೇಟಿ ನೀಡಿದ್ದರು.
ಹೈಕಮಾಂಡ್ ನಾಯಕರನ್ನು ಭೇಟಿ ಮಾಡಿದ್ದೇನೆ
ಪುಟ ೧ರಿಂದ ಈ ಹಿಂದೆ ಡಾ.ಜಿ. ಪರಮೇಶ್ವರ ನೇತೃತ್ವದಲ್ಲಿ ಸಚಿವರ ತಂಡ ದೆಹಲಿಗೆ ತೆರಳಿ ಹೈಕಮಾಂಡ್ ನಾಯಕರನ್ನು ಭೇಟಿ ಮಾಡಿತ್ತು. ಡಿ.ಕೆ. ಶಿವಕುಮಾರ್ ಅವರ ಪ್ರತಿಕ್ರಿಯೆ ಬಗ್ಗೆ ಚರ್ಚೆಯಾಗಿದೆ. ಇದರಿಂದ ಬೆಂಗಳೂರಿನಲ್ಲಿ ಕುತೂಹಲ ಮೂಡಿದೆ ಎಂದರು.
ರಾಜಣ್ಣಗೆ ಉತ್ತರಿಸಲ್ಲ
ವಿಧಾನಸಭೆ ಟಿಕೆಟ್ ಹಂಚಿಕೆ ಸಮಯದಲ್ಲಿ ಜಿಲ್ಲಾಧ್ಯಕ್ಷ ಸ್ಥಾನ ನೀಡಿ ಎಂದು ಸಚಿವ ಕೆ.ಎನ್. ರಾಜಣ್ಣ ನೀಡಿರುವ ಹೇಳಿಕೆ ಬಗ್ಗೆ ಪ್ರತಿಕ್ರಿಯಿಸಿದ ಡಿ.ಕೆ. ಶಿವಕುಮಾರ್, ರಾಜಣ್ಣನವರಿಗೆ ನಾನು ಉತ್ತರ ನೀಡಲ್ಲ ಎಂದರು.
ತೆಲಂಗಾಣಕ್ಕೆ ನೀರು ಬಿಟ್ಟಿದ್ದೇವೆ
ತೆಲಂಗಾಣಕ್ಕೆ ನಾರಾಯಣಪುರ ಜಲಾಶಯದಿಂದ ನೀರು ಬಿಟ್ಟಿರುವ ಬಗ್ಗೆ ಪ್ರತಿಕ್ರಿಯಿಸಿದ ಡಿ.ಕೆ. ಶಿವಕುಮಾರ್, ನೀರು ಬಿಟ್ಟಿರುವ ವಿಚಾರದಲ್ಲಿ ತೆಲಂಗಾಣ ಮುಖ್ಯಮಂತ್ರಿ ರೇವಂತ್ ರೆಡ್ಡಿ ಅವರು ಮನವಿ ಮಾಡಿದ್ದರು ಎಂದರು.
